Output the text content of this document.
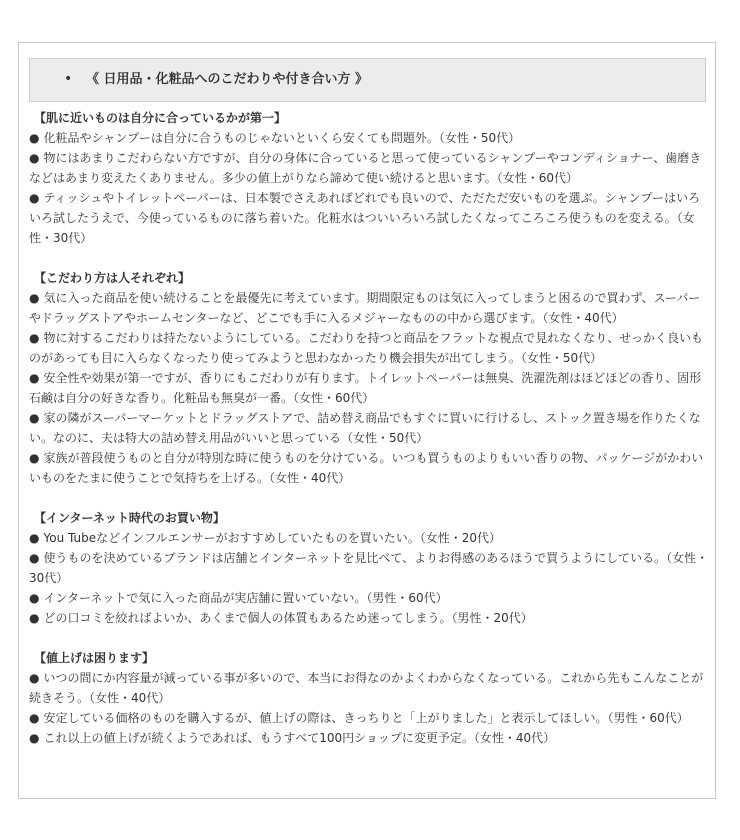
• 《 日用品・化粧品へのこだわりや付き合い方 》
【肌に近いものは自分に合っているかが第一】
● 化粧品やシャンプーは自分に合うものじゃないといくら安くても問題外。（女性・50代）
● 物にはあまりこだわらない方ですが、自分の身体に合っていると思って使っているシャンプーやコンディショナー、歯磨きなどはあまり変えたくありません。多少の値上がりなら諦めて使い続けると思います。（女性・60代）
● ティッシュやトイレットペーパーは、日本製でさえあればどれでも良いので、ただただ安いものを選ぶ。シャンプーはいろいろ試したうえで、今使っているものに落ち着いた。化粧水はついいろいろ試したくなってころころ使うものを変える。（女性・30代）
【こだわり方は人それぞれ】
● 気に入った商品を使い続けることを最優先に考えています。期間限定ものは気に入ってしまうと困るので買わず、スーパーやドラッグストアやホームセンターなど、どこでも手に入るメジャーなものの中から選びます。（女性・40代）
● 物に対するこだわりは持たないようにしている。こだわりを持つと商品をフラットな視点で見れなくなり、せっかく良いものがあっても目に入らなくなったり使ってみようと思わなかったり機会損失が出てしまう。（女性・50代）
● 安全性や効果が第一ですが、香りにもこだわりが有ります。トイレットペーパーは無臭、洗濯洗剤はほどほどの香り、固形石鹸は自分の好きな香り。化粧品も無臭が一番。（女性・60代）
● 家の隣がスーパーマーケットとドラッグストアで、詰め替え商品でもすぐに買いに行けるし、ストック置き場を作りたくない。なのに、夫は特大の詰め替え用品がいいと思っている（女性・50代）
● 家族が普段使うものと自分が特別な時に使うものを分けている。いつも買うものよりもいい香りの物、パッケージがかわいいものをたまに使うことで気持ちを上げる。（女性・40代）
【インターネット時代のお買い物】
● You Tubeなどインフルエンサーがおすすめしていたものを買いたい。（女性・20代）
● 使うものを決めているブランドは店舗とインターネットを見比べて、よりお得感のあるほうで買うようにしている。（女性・30代）
● インターネットで気に入った商品が実店舗に置いていない。（男性・60代）
● どの口コミを絞ればよいか、あくまで個人の体質もあるため迷ってしまう。（男性・20代）
【値上げは困ります】
● いつの間にか内容量が減っている事が多いので、本当にお得なのかよくわからなくなっている。これから先もこんなことが続きそう。（女性・40代）
● 安定している価格のものを購入するが、値上げの際は、きっちりと「上がりました」と表示してほしい。（男性・60代）
● これ以上の値上げが続くようであれば、もうすべて100円ショップに変更予定。（女性・40代）
